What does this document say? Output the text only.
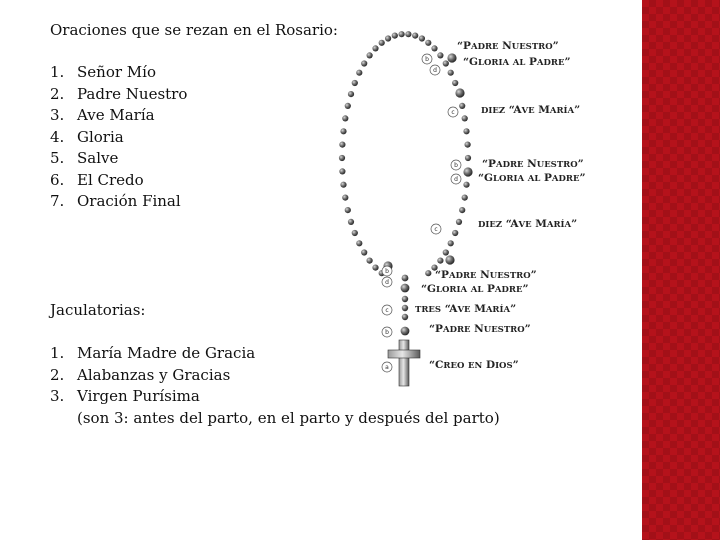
Oraciones que se rezan en el Rosario:
1. Señor Mío
2. Padre Nuestro
3. Ave María
4. Gloria
5. Salve
6. El Credo
7. Oración Final
Jaculatorias:
1. María Madre de Gracia
2. Alabanzas y Gracias
3. Virgen Purísima
(son 3: antes del parto, en el parto y después del parto)
b
d
c
b
d
c
b
d
c
b
a
“PADRE NUESTRO”
“GLORIA AL PADRE”
DIEZ “AVE MARÍA”
“PADRE NUESTRO”
“GLORIA AL PADRE”
DIEZ “AVE MARÍA”
“PADRE NUESTRO”
“GLORIA AL PADRE”
TRES “AVE MARÍA”
“PADRE NUESTRO”
“CREO EN DIOS”
